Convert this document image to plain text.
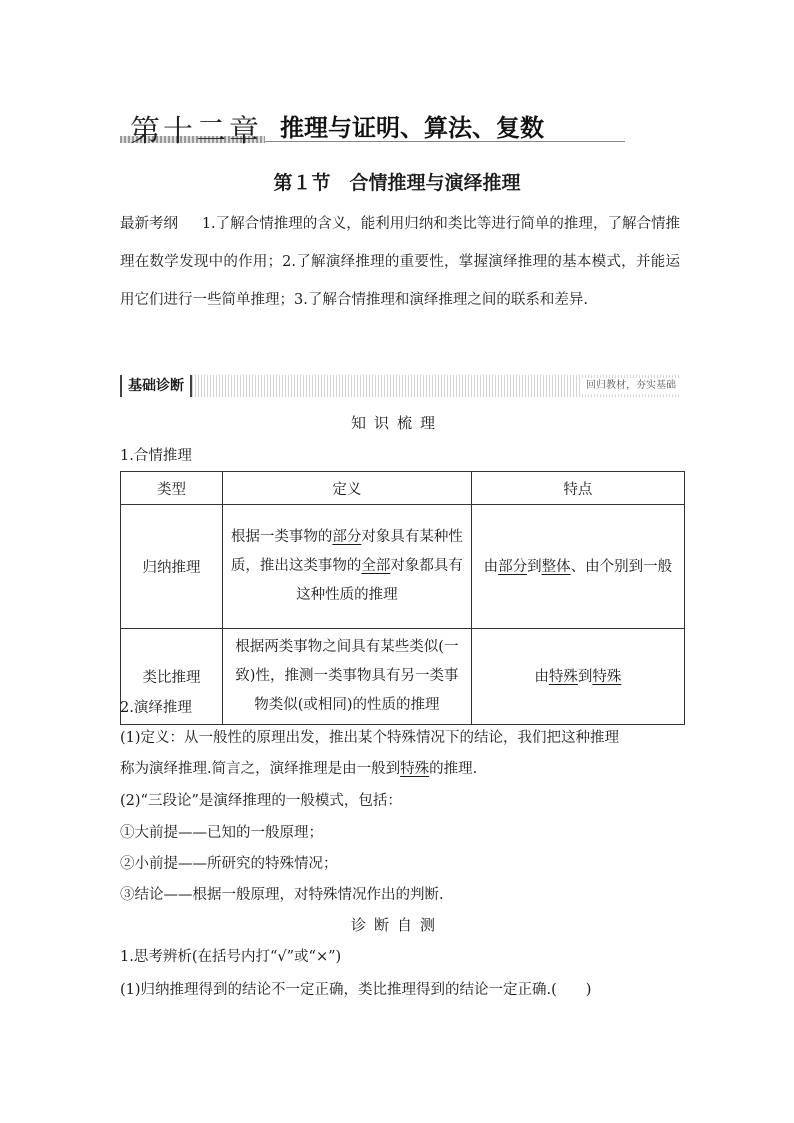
第十二章 推理与证明、算法、复数
第１节　合情推理与演绎推理
最新考纲 　 1.了解合情推理的含义，能利用归纳和类比等进行简单的推理，了解合情推理在数学发现中的作用；2.了解演绎推理的重要性，掌握演绎推理的基本模式，并能运用它们进行一些简单推理；3.了解合情推理和演绎推理之间的联系和差异.
基础诊断	回归教材，夯实基础
知识梳理
1.合情推理
类型	定义	特点
归纳推理	根据一类事物的部分对象具有某种性质，推出这类事物的全部对象都具有这种性质的推理	由部分到整体、由个别到一般
类比推理	根据两类事物之间具有某些类似(一致)性，推测一类事物具有另一类事物类似(或相同)的性质的推理	由特殊到特殊
2.演绎推理
(1)定义：从一般性的原理出发，推出某个特殊情况下的结论，我们把这种推理
称为演绎推理.简言之，演绎推理是由一般到特殊的推理.
(2)“三段论”是演绎推理的一般模式，包括：
①大前提——已知的一般原理；
②小前提——所研究的特殊情况；
③结论——根据一般原理，对特殊情况作出的判断.
诊断自测
1.思考辨析(在括号内打“√”或“×”)
(1)归纳推理得到的结论不一定正确，类比推理得到的结论一定正确.(　　)
